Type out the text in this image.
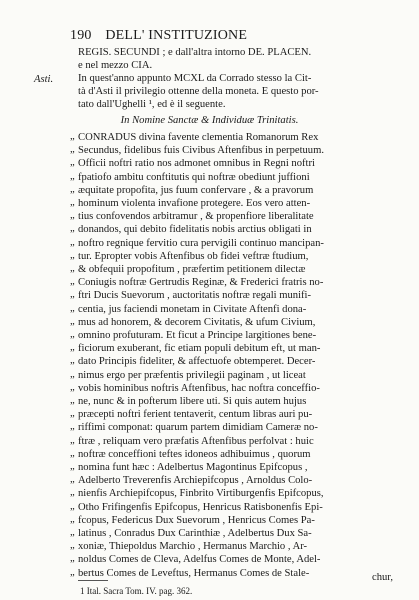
190 DELL' INSTITUZIONE
REGIS. SECUNDI ; e dall'altra intorno DE. PLACEN.
e nel mezzo CIA.
Asti. In quest'anno appunto MCXL da Corrado stesso la Cit-
tà d'Asti il privilegio ottenne della moneta. E questo por-
tato dall'Ughelli ¹, ed è il seguente.
In Nomine Sanctæ & Individuæ Trinitatis.
„ CONRADUS divina favente clementia Romanorum Rex
„ Secundus, fidelibus fuis Civibus Aftenfibus in perpetuum.
„ Officii noftri ratio nos admonet omnibus in Regni noftri
„ fpatiofo ambitu conftitutis qui noftræ obediunt juffioni
„ æquitate propofita, jus fuum confervare , & a pravorum
„ hominum violenta invafione protegere. Eos vero atten-
„ tius confovendos arbitramur , & propenfiore liberalitate
„ donandos, qui debito fidelitatis nobis arctius obligati in
„ noftro regnique fervitio cura pervigili continuo mancipan-
„ tur. Epropter vobis Aftenfibus ob fidei veftræ ftudium,
„ & obfequii propofitum , præfertim petitionem dilectæ
„ Coniugis noftræ Gertrudis Reginæ, & Frederici fratris no-
„ ftri Ducis Suevorum , auctoritatis noftræ regali munifi-
„ centia, jus faciendi monetam in Civitate Aftenfi dona-
„ mus ad honorem, & decorem Civitatis, & ufum Civium,
„ omnino profuturam. Et ficut a Principe largitiones bene-
„ ficiorum exuberant, fic etiam populi debitum eft, ut man-
„ dato Principis fideliter, & affectuofe obtemperet. Decer-
„ nimus ergo per præfentis privilegii paginam , ut liceat
„ vobis hominibus noftris Aftenfibus, hac noftra conceffio-
„ ne, nunc & in pofterum libere uti. Si quis autem hujus
„ præcepti noftri ferient tentaverit, centum libras auri pu-
„ riffimi componat: quarum partem dimidiam Cameræ no-
„ ftræ , reliquam vero præfatis Aftenfibus perfolvat : huic
„ noftræ conceffioni teftes idoneos adhibuimus , quorum
„ nomina funt hæc : Adelbertus Magontinus Epifcopus ,
„ Adelberto Treverenfis Archiepifcopus , Arnoldus Colo-
„ nienfis Archiepifcopus, Finbrito Virtiburgenfis Epifcopus,
„ Otho Frifingenfis Epifcopus, Henricus Ratisbonenfis Epi-
„ fcopus, Federicus Dux Suevorum , Henricus Comes Pa-
„ latinus , Conradus Dux Carinthiæ , Adelbertus Dux Sa-
„ xoniæ, Thiepoldus Marchio , Hermanus Marchio , Ar-
„ noldus Comes de Cleva, Adelfus Comes de Monte, Adel-
„ bertus Comes de Leveftus, Hermanus Comes de Stale-	chur,
1 Ital. Sacra Tom. IV. pag. 362.
